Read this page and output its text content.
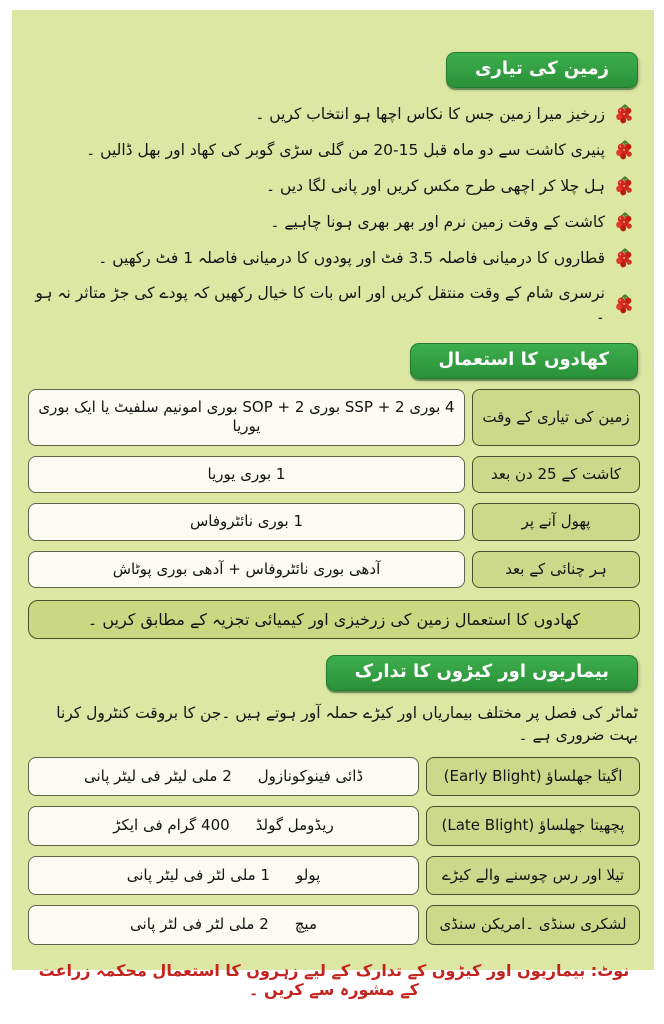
زمین کی تیاری
زرخیز میرا زمین جس کا نکاس اچھا ہو انتخاب کریں ۔
پنیری کاشت سے دو ماہ قبل 15-20 من گلی سڑی گوبر کی کھاد اور بھل ڈالیں ۔
ہل چلا کر اچھی طرح مکس کریں اور پانی لگا دیں ۔
کاشت کے وقت زمین نرم اور بھر بھری ہونا چاہیے ۔
قطاروں کا درمیانی فاصلہ 3.5 فٹ اور پودوں کا درمیانی فاصلہ 1 فٹ رکھیں ۔
نرسری شام کے وقت منتقل کریں اور اس بات کا خیال رکھیں کہ پودے کی جڑ متاثر نہ ہو ۔
کھادوں کا استعمال
زمین کی تیاری کے وقت
4 بوری SSP + 2 بوری SOP + 2 بوری امونیم سلفیٹ یا ایک بوری یوریا
کاشت کے 25 دن بعد
1 بوری یوریا
پھول آنے پر
1 بوری نائٹروفاس
ہر چنائی کے بعد
آدھی بوری نائٹروفاس + آدھی بوری پوٹاش
کھادوں کا استعمال زمین کی زرخیزی اور کیمیائی تجزیہ کے مطابق کریں ۔
بیماریوں اور کیڑوں کا تدارک

ٹماٹر کی فصل پر مختلف بیماریاں اور کیڑے حملہ آور ہوتے ہیں ۔جن کا بروقت کنٹرول کرنا بہت ضروری ہے ۔

اگیتا جھلساؤ (Early Blight)
ڈائی فینوکونازول
2 ملی لیٹر فی لیٹر پانی
پچھیتا جھلساؤ (Late Blight)
ریڈومل گولڈ
400 گرام فی ایکڑ
تیلا اور رس چوسنے والے کیڑے
پولو
1 ملی لٹر فی لیٹر پانی
لشکری سنڈی ۔امریکن سنڈی
میچ
2 ملی لٹر فی لٹر پانی
نوٹ: بیماریوں اور کیڑوں کے تدارک کے لیے زہروں کا استعمال محکمہ زراعت کے مشورہ سے کریں ۔
